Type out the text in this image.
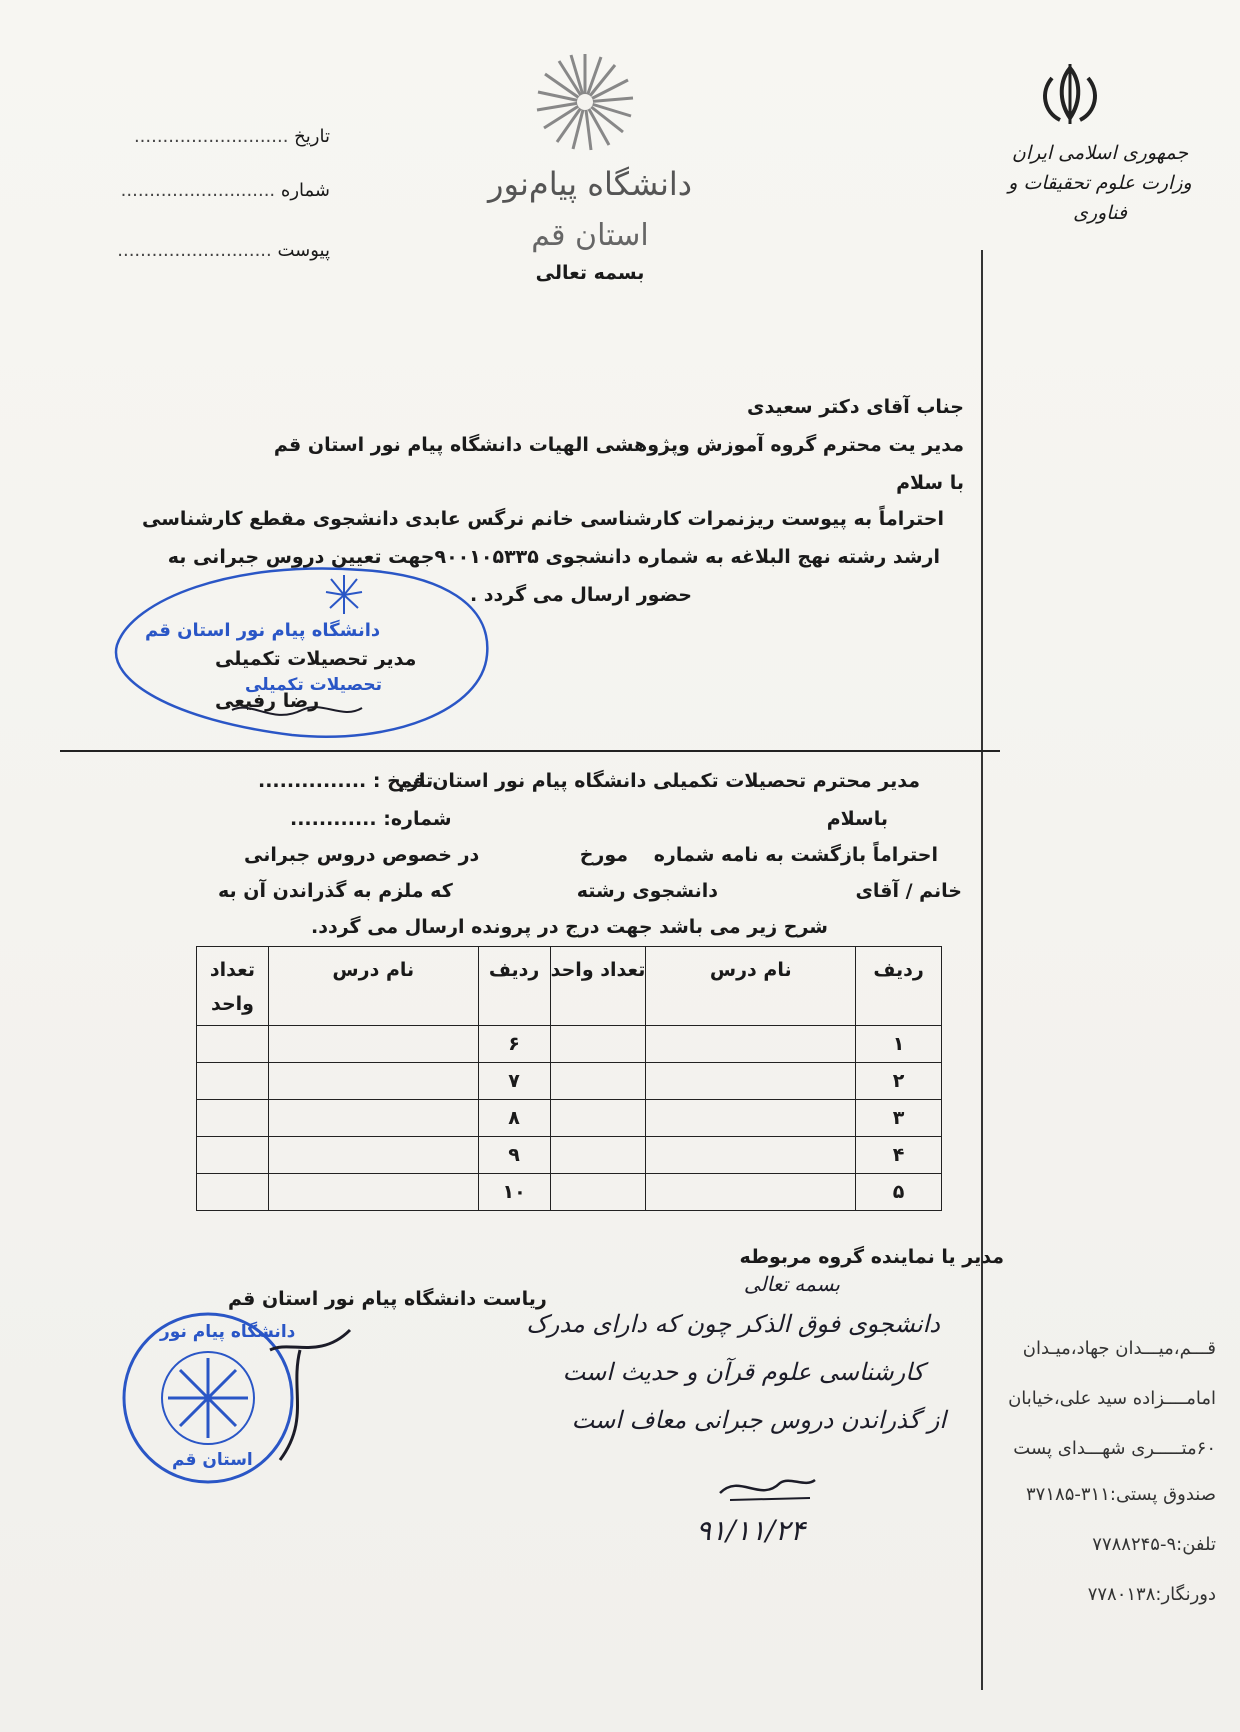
جمهوری اسلامی ایران
وزارت علوم تحقیقات و فناوری
دانشگاه پیام‌نور
استان قم
بسمه تعالی
تاریخ ...........................
شماره ...........................
پیوست ...........................
جناب آقای دکتر سعیدی
مدیر یت محترم گروه آموزش وپژوهشی الهیات دانشگاه پیام نور استان قم
با سلام
احتراماً به پیوست ریزنمرات کارشناسی خانم نرگس عابدی دانشجوی مقطع کارشناسی
ارشد رشته نهج البلاغه به شماره دانشجوی ۹۰۰۱۰۵۳۳۵جهت تعیین دروس جبرانی به
حضور ارسال می گردد .
دانشگاه پیام نور استان قم
مدیر تحصیلات تکمیلی
تحصیلات تکمیلی
رضا رفیعی
مدیر محترم تحصیلات تکمیلی دانشگاه پیام نور استان قم
تاریخ : ...............
شماره: ............	باسلام
احتراماً بازگشت به نامه شماره
مورخ
در خصوص دروس جبرانی
خانم / آقای
دانشجوی رشته
که ملزم به گذراندن آن به
شرح زیر می باشد جهت درج در پرونده ارسال می گردد.
ردیف	نام درس	تعداد واحد	ردیف	نام درس	تعداد واحد
۱			۶		
۲			۷		
۳			۸		
۴			۹		
۵			۱۰		
مدیر یا نماینده گروه مربوطه
ریاست دانشگاه پیام نور استان قم
بسمه تعالی
دانشجوی فوق الذکر چون که دارای مدرک
کارشناسی علوم قرآن و حدیث است
از گذراندن دروس جبرانی معاف است
۹۱/۱۱/۲۴
دانشگاه پیام نور
استان قم
قـــم،میـــدان جهاد،میـدان
امامــــزاده سید علی،خیابان
۶۰متـــــری شهـــدای پست
صندوق پستی:۳۱۱-۳۷۱۸۵
تلفن:۹-۷۷۸۸۲۴۵
دورنگار:۷۷۸۰۱۳۸
